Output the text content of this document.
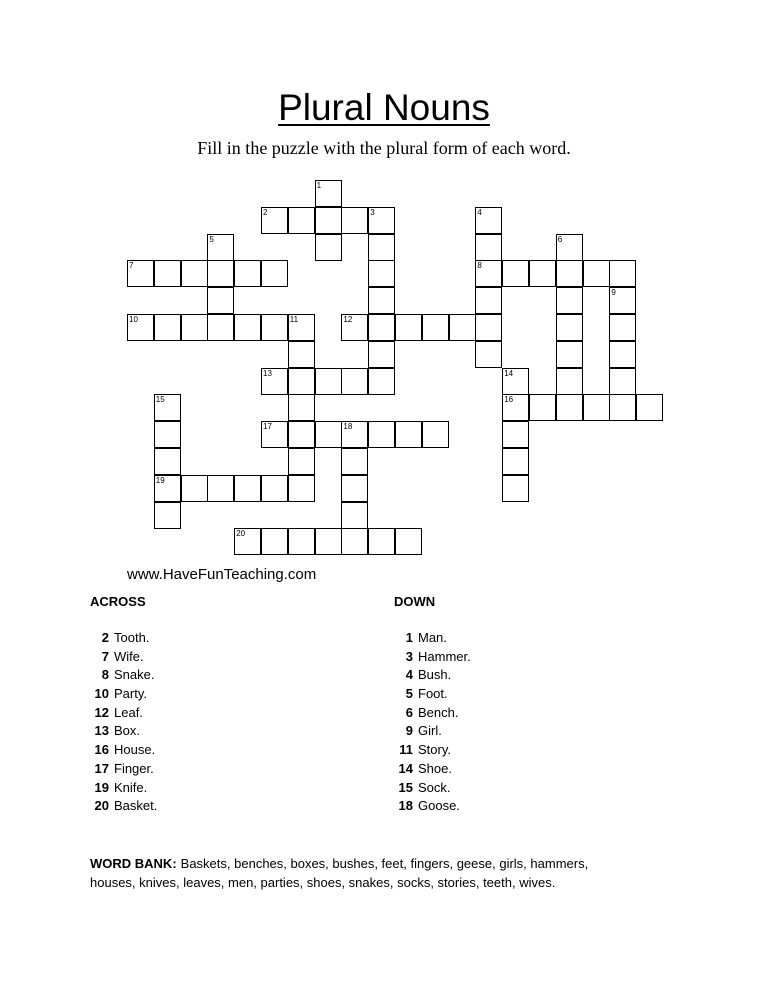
Plural Nouns
Fill in the puzzle with the plural form of each word.
1
2	3	4
8
5	6
7
9
10	11	12
13	14
16
15
19
17	18
20
www.HaveFunTeaching.com
ACROSS	DOWN
2 Tooth.
7 Wife.
8 Snake.
10 Party.
12 Leaf.
13 Box.
16 House.
17 Finger.
19 Knife.
20 Basket.
1 Man.
3 Hammer.
4 Bush.
5 Foot.
6 Bench.
9 Girl.
11 Story.
14 Shoe.
15 Sock.
18 Goose.
WORD BANK: Baskets, benches, boxes, bushes, feet, fingers, geese, girls, hammers, houses, knives, leaves, men, parties, shoes, snakes, socks, stories, teeth, wives.
